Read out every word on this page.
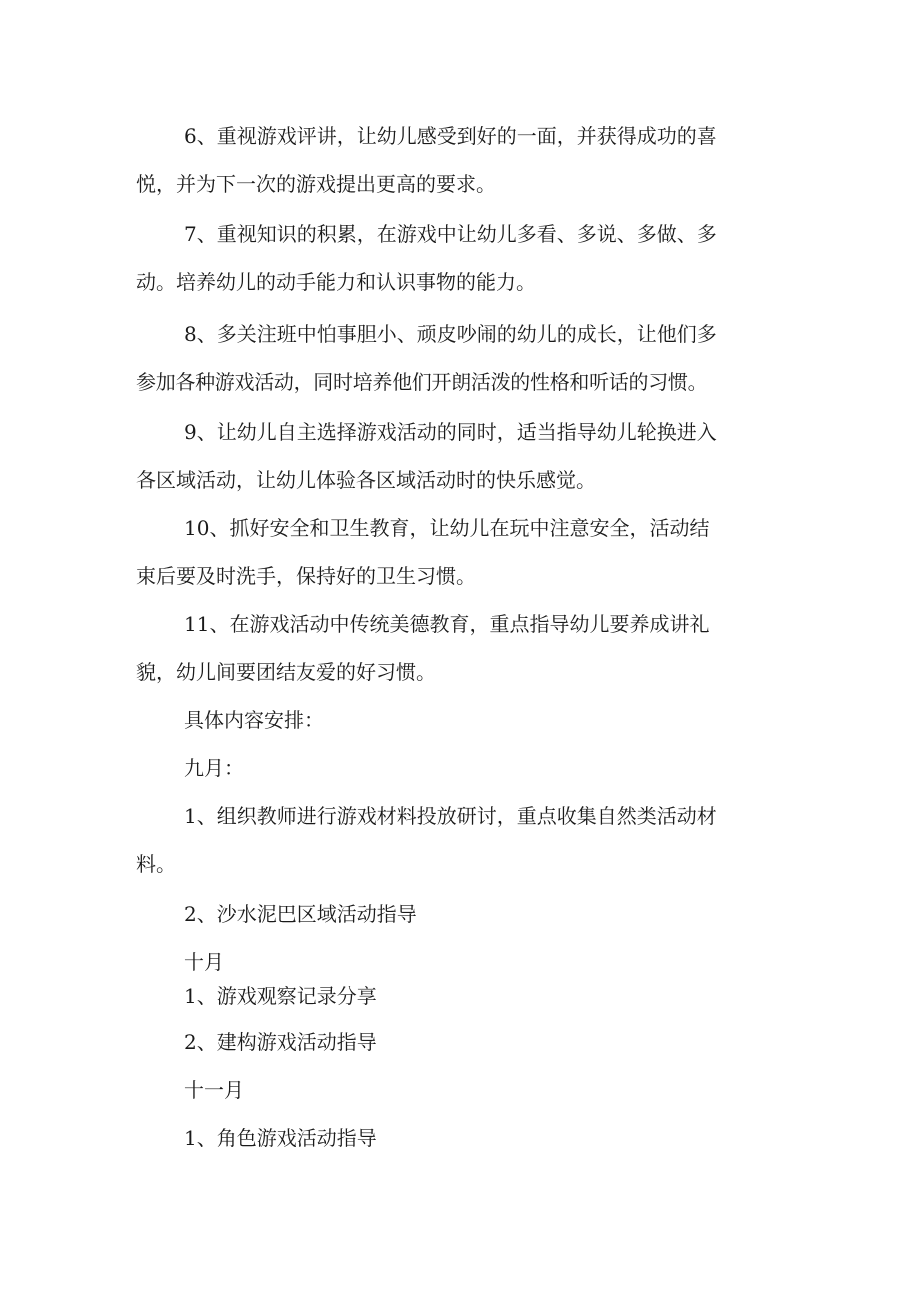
6、重视游戏评讲，让幼儿感受到好的一面，并获得成功的喜
悦，并为下一次的游戏提出更高的要求。
7、重视知识的积累，在游戏中让幼儿多看、多说、多做、多
动。培养幼儿的动手能力和认识事物的能力。
8、多关注班中怕事胆小、顽皮吵闹的幼儿的成长，让他们多
参加各种游戏活动，同时培养他们开朗活泼的性格和听话的习惯。
9、让幼儿自主选择游戏活动的同时，适当指导幼儿轮换进入
各区域活动，让幼儿体验各区域活动时的快乐感觉。
10、抓好安全和卫生教育，让幼儿在玩中注意安全，活动结
束后要及时洗手，保持好的卫生习惯。
11、在游戏活动中传统美德教育，重点指导幼儿要养成讲礼
貌，幼儿间要团结友爱的好习惯。
具体内容安排：
九月：
1、组织教师进行游戏材料投放研讨，重点收集自然类活动材
料。
2、沙水泥巴区域活动指导
十月
1、游戏观察记录分享
2、建构游戏活动指导
十一月
1、角色游戏活动指导
